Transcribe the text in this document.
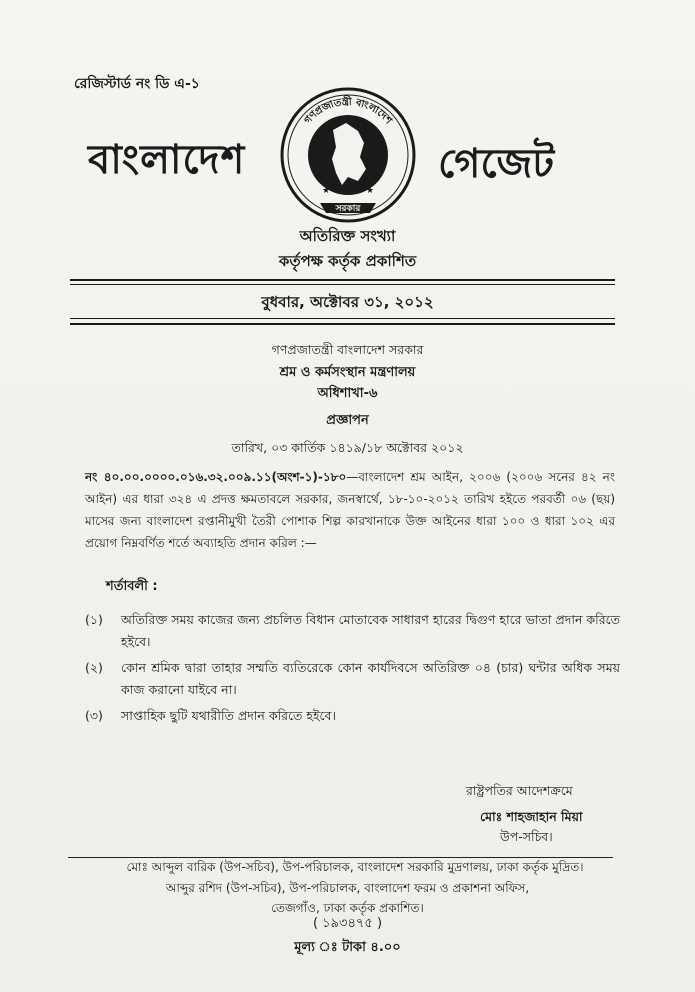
রেজিস্টার্ড নং ডি এ-১
বাংলাদেশ	★	★
★	★
গণপ্রজাতন্ত্রী বাংলাদেশ
সরকার
গেজেট
অতিরিক্ত সংখ্যা
কর্তৃপক্ষ কর্তৃক প্রকাশিত
বুধবার, অক্টোবর ৩১, ২০১২
গণপ্রজাতন্ত্রী বাংলাদেশ সরকার
শ্রম ও কর্মসংস্থান মন্ত্রণালয়
অধিশাখা-৬
প্রজ্ঞাপন
তারিখ, ০৩ কার্তিক ১৪১৯/১৮ অক্টোবর ২০১২
নং ৪০.০০.০০০০.০১৬.৩২.০০৯.১১(অংশ-১)-১৮০—বাংলাদেশ শ্রম আইন, ২০০৬ (২০০৬ সনের ৪২ নং আইন) এর ধারা ৩২৪ এ প্রদত্ত ক্ষমতাবলে সরকার, জনস্বার্থে, ১৮-১০-২০১২ তারিখ হইতে পরবর্তী ০৬ (ছয়) মাসের জন্য বাংলাদেশ রপ্তানীমুখী তৈরী পোশাক শিল্প কারখানাকে উক্ত আইনের ধারা ১০০ ও ধারা ১০২ এর প্রয়োগ নিম্নবর্ণিত শর্তে অব্যাহতি প্রদান করিল :—
শর্তাবলী :
(১)	অতিরিক্ত সময় কাজের জন্য প্রচলিত বিধান মোতাবেক সাধারণ হারের দ্বিগুণ হারে ভাতা প্রদান করিতে হইবে।
(২)	কোন শ্রমিক দ্বারা তাহার সম্মতি ব্যতিরেকে কোন কার্যদিবসে অতিরিক্ত ০৪ (চার) ঘন্টার অধিক সময় কাজ করানো যাইবে না।
(৩)	সাপ্তাহিক ছুটি যথারীতি প্রদান করিতে হইবে।
রাষ্ট্রপতির আদেশক্রমে
মোঃ শাহজাহান মিয়া
উপ-সচিব।
মোঃ আব্দুল বারিক (উপ-সচিব), উপ-পরিচালক, বাংলাদেশ সরকারি মুদ্রণালয়, ঢাকা কর্তৃক মুদ্রিত।
আব্দুর রশিদ (উপ-সচিব), উপ-পরিচালক, বাংলাদেশ ফরম ও প্রকাশনা অফিস,
তেজগাঁও, ঢাকা কর্তৃক প্রকাশিত।
( ১৯৩৪৭৫ )
মূল্য ঃ টাকা ৪.০০
